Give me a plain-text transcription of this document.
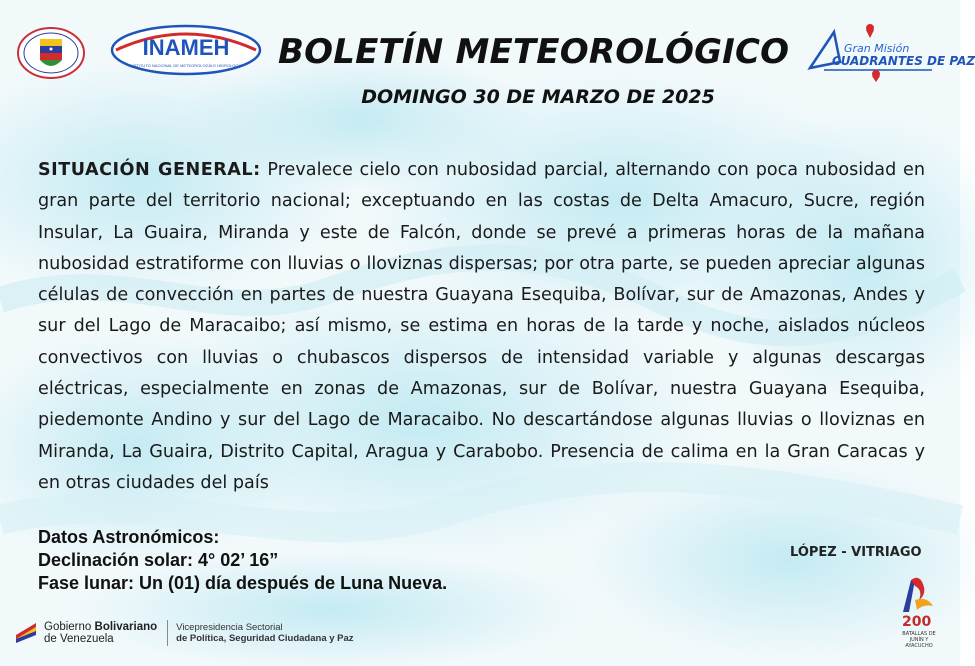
INAMEH
INSTITUTO NACIONAL DE METEOROLOGÍA E HIDROLOGÍA BOLETÍN METEOROLÓGICO
DOMINGO 30 DE MARZO DE 2025
Gran Misión
CUADRANTES DE PAZ

SITUACIÓN GENERAL: Prevalece cielo con nubosidad parcial, alternando con poca nubosidad en gran parte del territorio nacional; exceptuando en las costas de Delta Amacuro, Sucre, región Insular, La Guaira, Miranda y este de Falcón, donde se prevé a primeras horas de la mañana nubosidad estratiforme con lluvias o lloviznas dispersas; por otra parte, se pueden apreciar algunas células de convección en partes de nuestra Guayana Esequiba, Bolívar, sur de Amazonas, Andes y sur del Lago de Maracaibo; así mismo, se estima en horas de la tarde y noche, aislados núcleos convectivos con lluvias o chubascos dispersos de intensidad variable y algunas descargas eléctricas, especialmente en zonas de Amazonas, sur de Bolívar, nuestra Guayana Esequiba, piedemonte Andino y sur del Lago de Maracaibo. No descartándose algunas lluvias o lloviznas en Miranda, La Guaira, Distrito Capital, Aragua y Carabobo. Presencia de calima en la Gran Caracas y en otras ciudades del país

Datos Astronómicos:
Declinación solar: 4° 02’ 16”
Fase lunar: Un (01) día después de Luna Nueva.
LÓPEZ - VITRIAGO
Gobierno Bolivariano
de Venezuela
Vicepresidencia Sectorial
de Política, Seguridad Ciudadana y Paz
200
BATALLAS DE JUNÍN Y AYACUCHO
